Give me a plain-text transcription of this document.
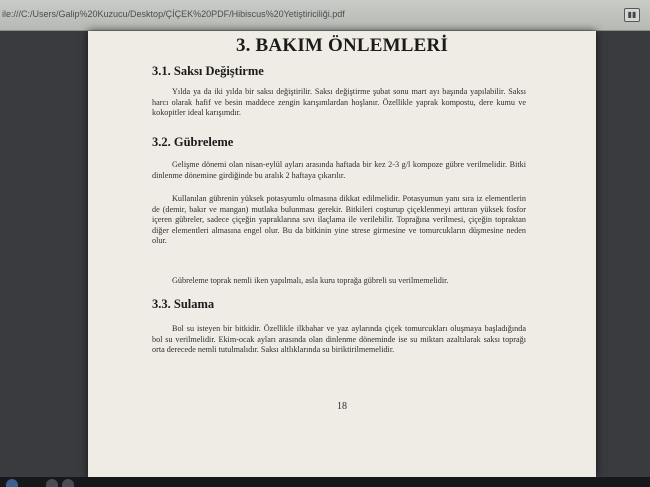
ile:///C:/Users/Galip%20Kuzucu/Desktop/ÇİÇEK%20PDF/Hibiscus%20Yetiştiriciliği.pdf	▮▮
3. BAKIM ÖNLEMLERİ
3.1. Saksı Değiştirme

Yılda ya da iki yılda bir saksı değiştirilir. Saksı değiştirme şubat sonu mart ayı başında yapılabilir. Saksı harcı olarak hafif ve besin maddece zengin karışımlardan hoşlanır. Özellikle yaprak kompostu, dere kumu ve kokopitler ideal karışımdır.

3.2. Gübreleme

Gelişme dönemi olan nisan-eylül ayları arasında haftada bir kez 2-3 g/l kompoze gübre verilmelidir. Bitki dinlenme dönemine girdiğinde bu aralık 2 haftaya çıkarılır.

Kullanılan gübrenin yüksek potasyumlu olmasına dikkat edilmelidir. Potasyumun yanı sıra iz elementlerin de (demir, bakır ve mangan) mutlaka bulunması gerekir. Bitkileri coşturup çiçeklenmeyi arttıran yüksek fosfor içeren gübreler, sadece çiçeğin yapraklarına sıvı ilaçlama ile verilebilir. Toprağına verilmesi, çiçeğin topraktan diğer elementleri almasına engel olur. Bu da bitkinin yine strese girmesine ve tomurcukların düşmesine neden olur.

Gübreleme toprak nemli iken yapılmalı, asla kuru toprağa gübreli su verilmemelidir.

3.3. Sulama

Bol su isteyen bir bitkidir. Özellikle ilkbahar ve yaz aylarında çiçek tomurcukları oluşmaya başladığında bol su verilmelidir. Ekim-ocak ayları arasında olan dinlenme döneminde ise su miktarı azaltılarak saksı toprağı orta derecede nemli tutulmalıdır. Saksı altlıklarında su biriktirilmemelidir.

18
